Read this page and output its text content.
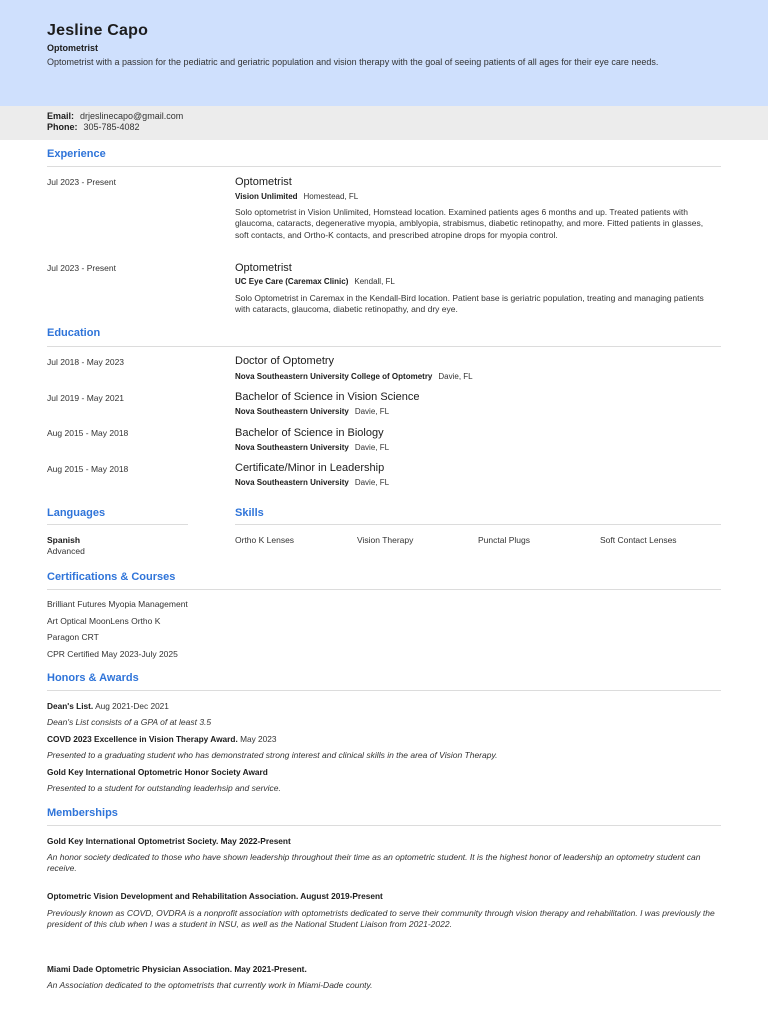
Jesline Capo
Optometrist
Optometrist with a passion for the pediatric and geriatric population and vision therapy with the goal of seeing patients of all ages for their eye care needs.
Email: drjeslinecapo@gmail.com
Phone: 305-785-4082
Experience
Jul 2023 - Present	Optometrist
Vision Unlimited Homestead, FL
Solo optometrist in Vision Unlimited, Homstead location. Examined patients ages 6 months and up. Treated patients with glaucoma, cataracts, degenerative myopia, amblyopia, strabismus, diabetic retinopathy, and more. Fitted patients in glasses, soft contacts, and Ortho-K contacts, and prescribed atropine drops for myopia control.
Jul 2023 - Present	Optometrist
UC Eye Care (Caremax Clinic) Kendall, FL
Solo Optometrist in Caremax in the Kendall-Bird location. Patient base is geriatric population, treating and managing patients with cataracts, glaucoma, diabetic retinopathy, and dry eye.
Education
Jul 2018 - May 2023	Doctor of Optometry
Nova Southeastern University College of Optometry Davie, FL
Jul 2019 - May 2021	Bachelor of Science in Vision Science
Nova Southeastern University Davie, FL
Aug 2015 - May 2018	Bachelor of Science in Biology
Nova Southeastern University Davie, FL
Aug 2015 - May 2018	Certificate/Minor in Leadership
Nova Southeastern University Davie, FL
Languages	Skills
Spanish
Advanced
Ortho K Lenses	Vision Therapy	Punctal Plugs	Soft Contact Lenses
Certifications & Courses
Brilliant Futures Myopia Management
Art Optical MoonLens Ortho K
Paragon CRT
CPR Certified May 2023-July 2025
Honors & Awards
Dean's List. Aug 2021-Dec 2021
Dean's List consists of a GPA of at least 3.5
COVD 2023 Excellence in Vision Therapy Award. May 2023
Presented to a graduating student who has demonstrated strong interest and clinical skills in the area of Vision Therapy.
Gold Key International Optometric Honor Society Award
Presented to a student for outstanding leaderhsip and service.
Memberships
Gold Key International Optometrist Society. May 2022-Present
An honor society dedicated to those who have shown leadership throughout their time as an optometric student. It is the highest honor of leadership an optometry student can receive.
Optometric Vision Development and Rehabilitation Association. August 2019-Present
Previously known as COVD, OVDRA is a nonprofit association with optometrists dedicated to serve their community through vision therapy and rehabilitation. I was previously the president of this club when I was a student in NSU, as well as the National Student Liaison from 2021-2022.
Miami Dade Optometric Physician Association. May 2021-Present.
An Association dedicated to the optometrists that currently work in Miami-Dade county.
